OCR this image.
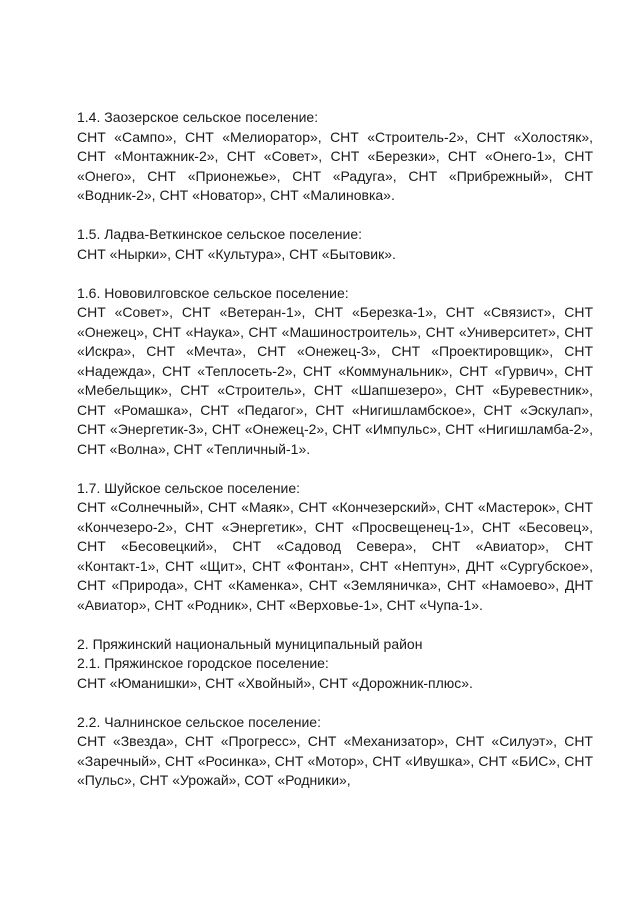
1.4. Заозерское сельское поселение:
СНТ «Сампо», СНТ «Мелиоратор», СНТ «Строитель-2», СНТ «Холостяк», СНТ «Монтажник-2», СНТ «Совет», СНТ «Березки», СНТ «Онего-1», СНТ «Онего», СНТ «Прионежье», СНТ «Радуга», СНТ «Прибрежный», СНТ «Водник-2», СНТ «Новатор», СНТ «Малиновка».
1.5. Ладва-Веткинское сельское поселение:
СНТ «Нырки», СНТ «Культура», СНТ «Бытовик».
1.6. Нововилговское сельское поселение:
СНТ «Совет», СНТ «Ветеран-1», СНТ «Березка-1», СНТ «Связист», СНТ «Онежец», СНТ «Наука», СНТ «Машиностроитель», СНТ «Университет», СНТ «Искра», СНТ «Мечта», СНТ «Онежец-3», СНТ «Проектировщик», СНТ «Надежда», СНТ «Теплосеть-2», СНТ «Коммунальник», СНТ «Гурвич», СНТ «Мебельщик», СНТ «Строитель», СНТ «Шапшезеро», СНТ «Буревестник», СНТ «Ромашка», СНТ «Педагог», СНТ «Нигишламбское», СНТ «Эскулап», СНТ «Энергетик-3», СНТ «Онежец-2», СНТ «Импульс», СНТ «Нигишламба-2», СНТ «Волна», СНТ «Тепличный-1».
1.7. Шуйское сельское поселение:
СНТ «Солнечный», СНТ «Маяк», СНТ «Кончезерский», СНТ «Мастерок», СНТ «Кончезеро-2», СНТ «Энергетик», СНТ «Просвещенец-1», СНТ «Бесовец», СНТ «Бесовецкий», СНТ «Садовод Севера», СНТ «Авиатор», СНТ «Контакт-1», СНТ «Щит», СНТ «Фонтан», СНТ «Нептун», ДНТ «Сургубское», СНТ «Природа», СНТ «Каменка», СНТ «Земляничка», СНТ «Намоево», ДНТ «Авиатор», СНТ «Родник», СНТ «Верховье-1», СНТ «Чупа-1».
2. Пряжинский национальный муниципальный район
2.1. Пряжинское городское поселение:
СНТ «Юманишки», СНТ «Хвойный», СНТ «Дорожник-плюс».
2.2. Чалнинское сельское поселение:
СНТ «Звезда», СНТ «Прогресс», СНТ «Механизатор», СНТ «Силуэт», СНТ «Заречный», СНТ «Росинка», СНТ «Мотор», СНТ «Ивушка», СНТ «БИС», СНТ «Пульс», СНТ «Урожай», СОТ «Родники»,
